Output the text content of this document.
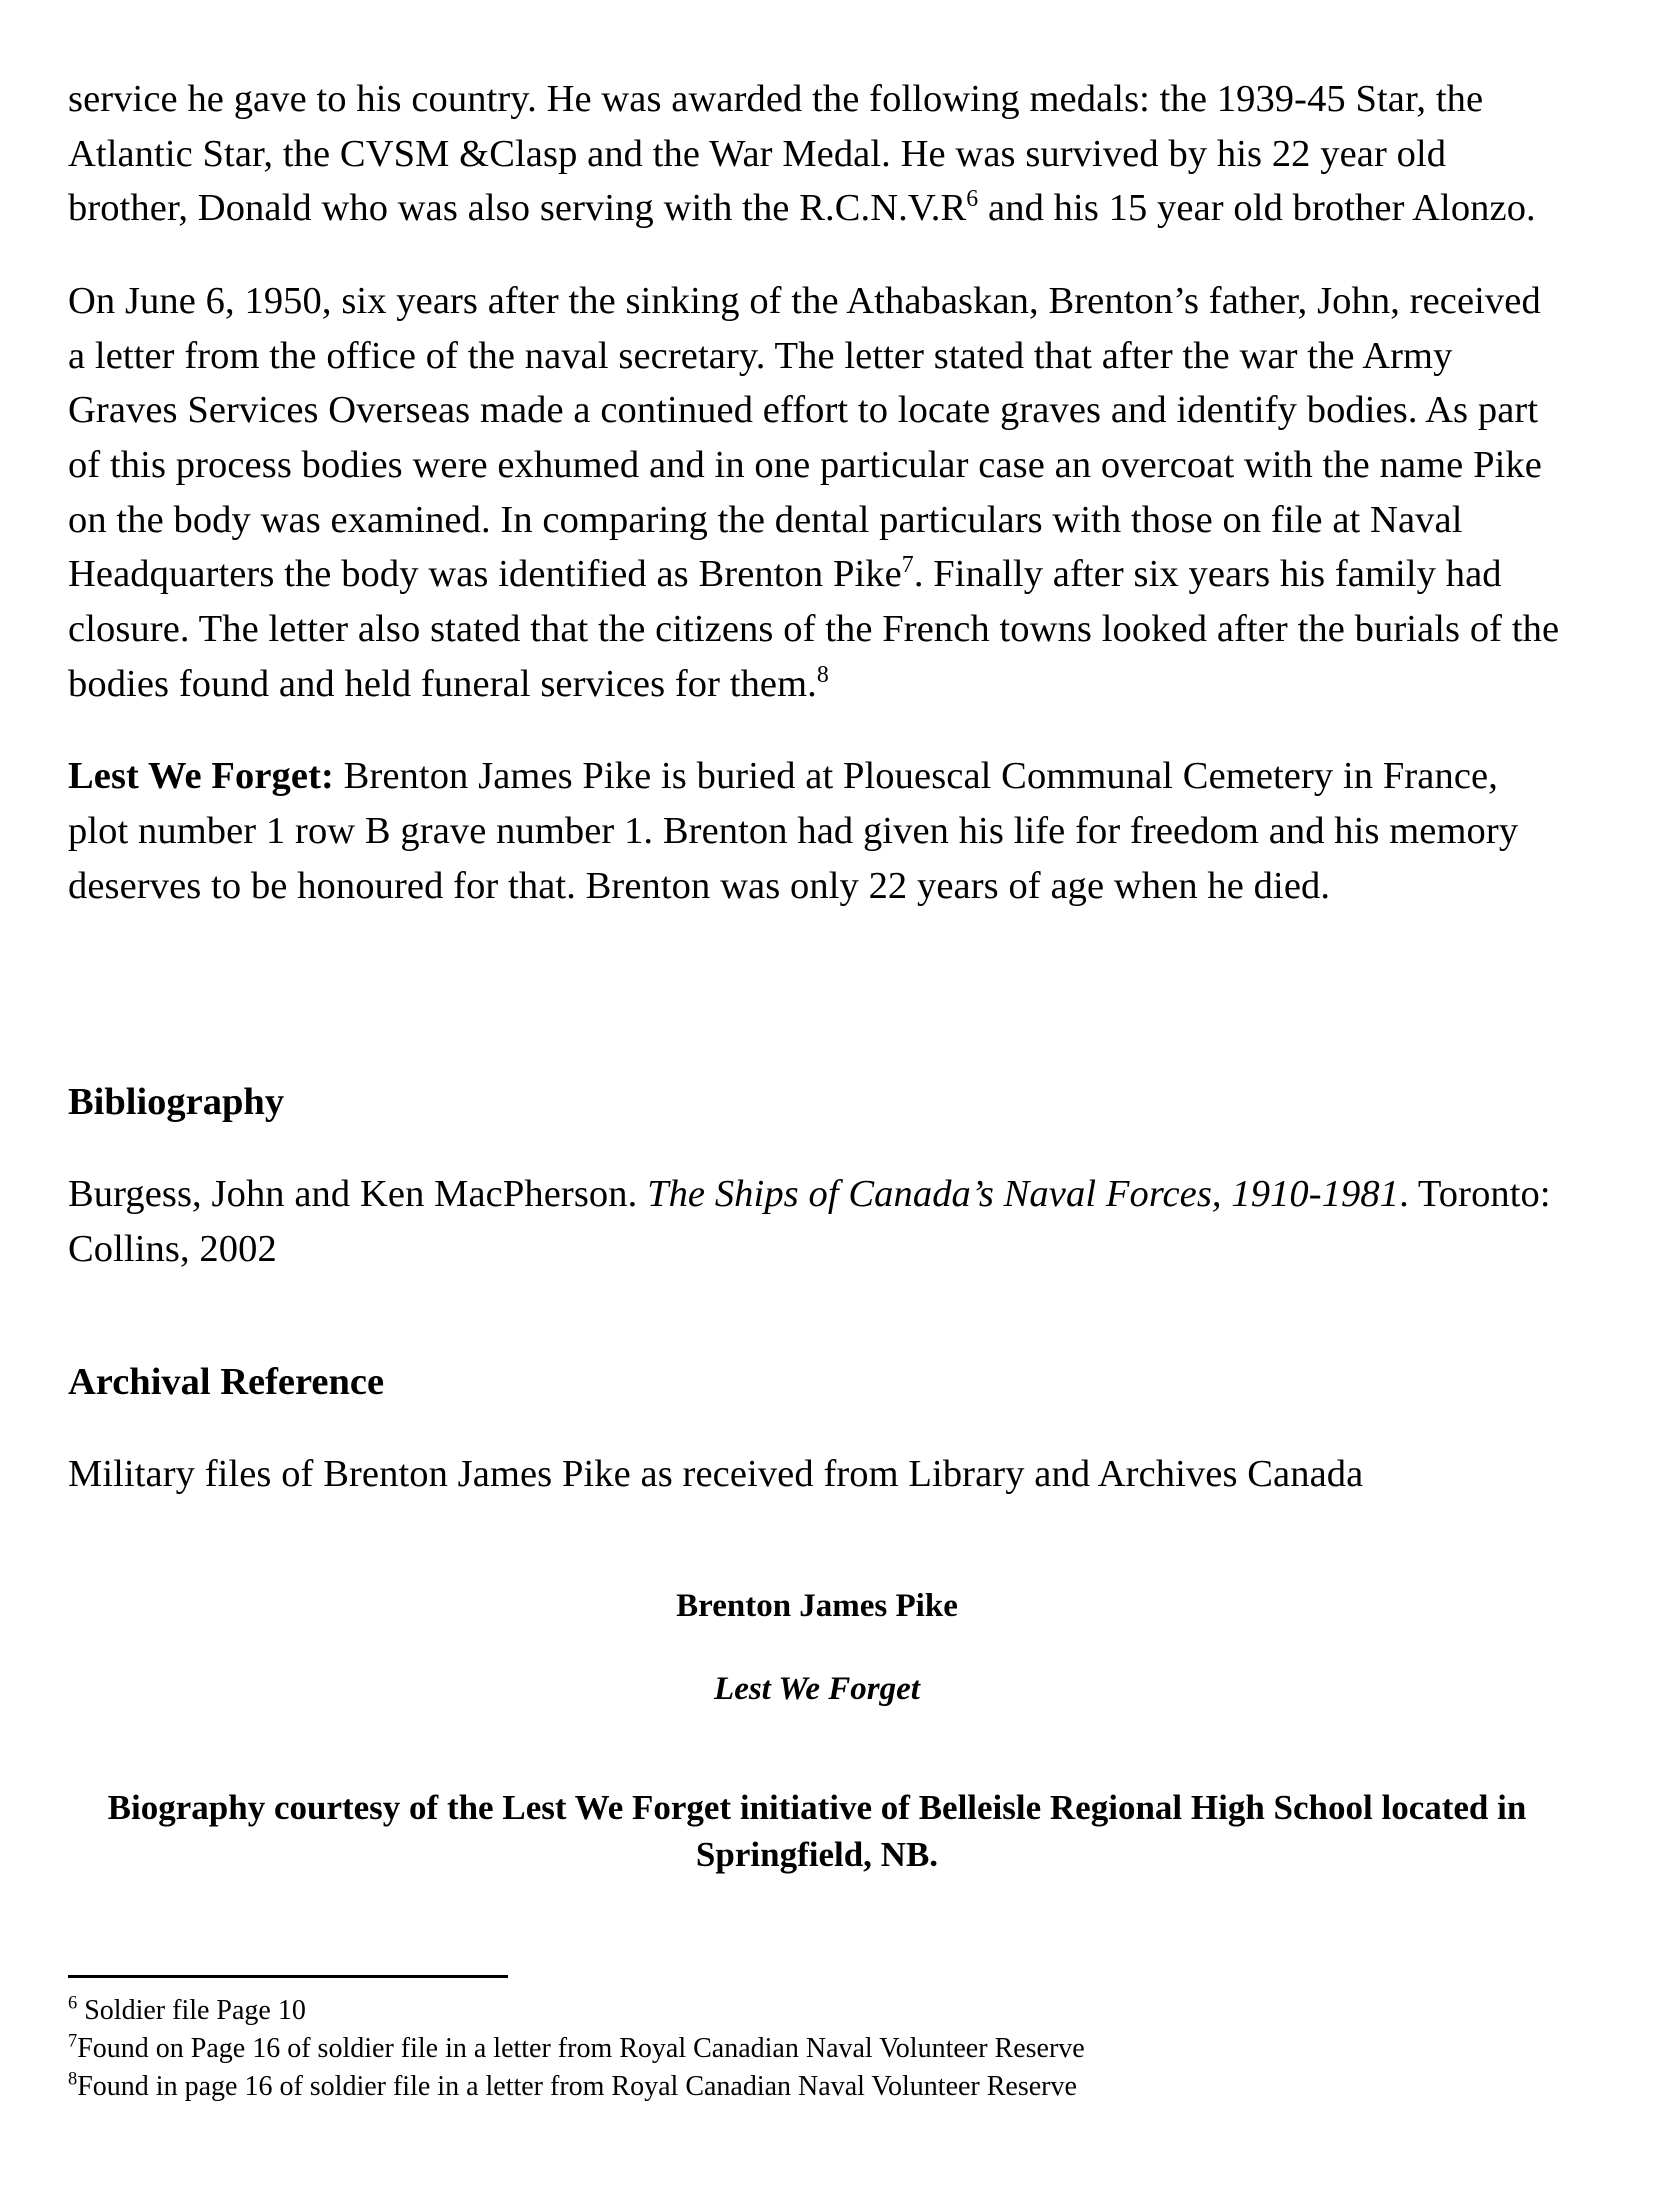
service he gave to his country. He was awarded the following medals: the 1939-45 Star, the Atlantic Star, the CVSM &Clasp and the War Medal. He was survived by his 22 year old brother, Donald who was also serving with the $R.C.N.V.R^6$ and his 15 year old brother Alonzo.

On June 6, 1950, six years after the sinking of the Athabaskan, Brenton’s father, John, received a letter from the office of the naval secretary. The letter stated that after the war the Army Graves Services Overseas made a continued effort to locate graves and identify bodies. As part of this process bodies were exhumed and in one particular case an overcoat with the name Pike on the body was examined. In comparing the dental particulars with those on file at Naval Headquarters the body was identified as Brenton Pike$^7$. Finally after six years his family had closure. The letter also stated that the citizens of the French towns looked after the burials of the bodies found and held funeral services for them.$^8$

Lest We Forget: Brenton James Pike is buried at Plouescal Communal Cemetery in France, plot number 1 row B grave number 1. Brenton had given his life for freedom and his memory deserves to be honoured for that. Brenton was only 22 years of age when he died.

Bibliography

Burgess, John and Ken MacPherson. The Ships of Canada’s Naval Forces, 1910-1981. Toronto: Collins, 2002

Archival Reference

Military files of Brenton James Pike as received from Library and Archives Canada

Brenton James Pike
Lest We Forget
Biography courtesy of the Lest We Forget initiative of Belleisle Regional High School located in Springfield, NB.

$^6$ Soldier file Page 10

$^7$Found on Page 16 of soldier file in a letter from Royal Canadian Naval Volunteer Reserve

$^8$Found in page 16 of soldier file in a letter from Royal Canadian Naval Volunteer Reserve
